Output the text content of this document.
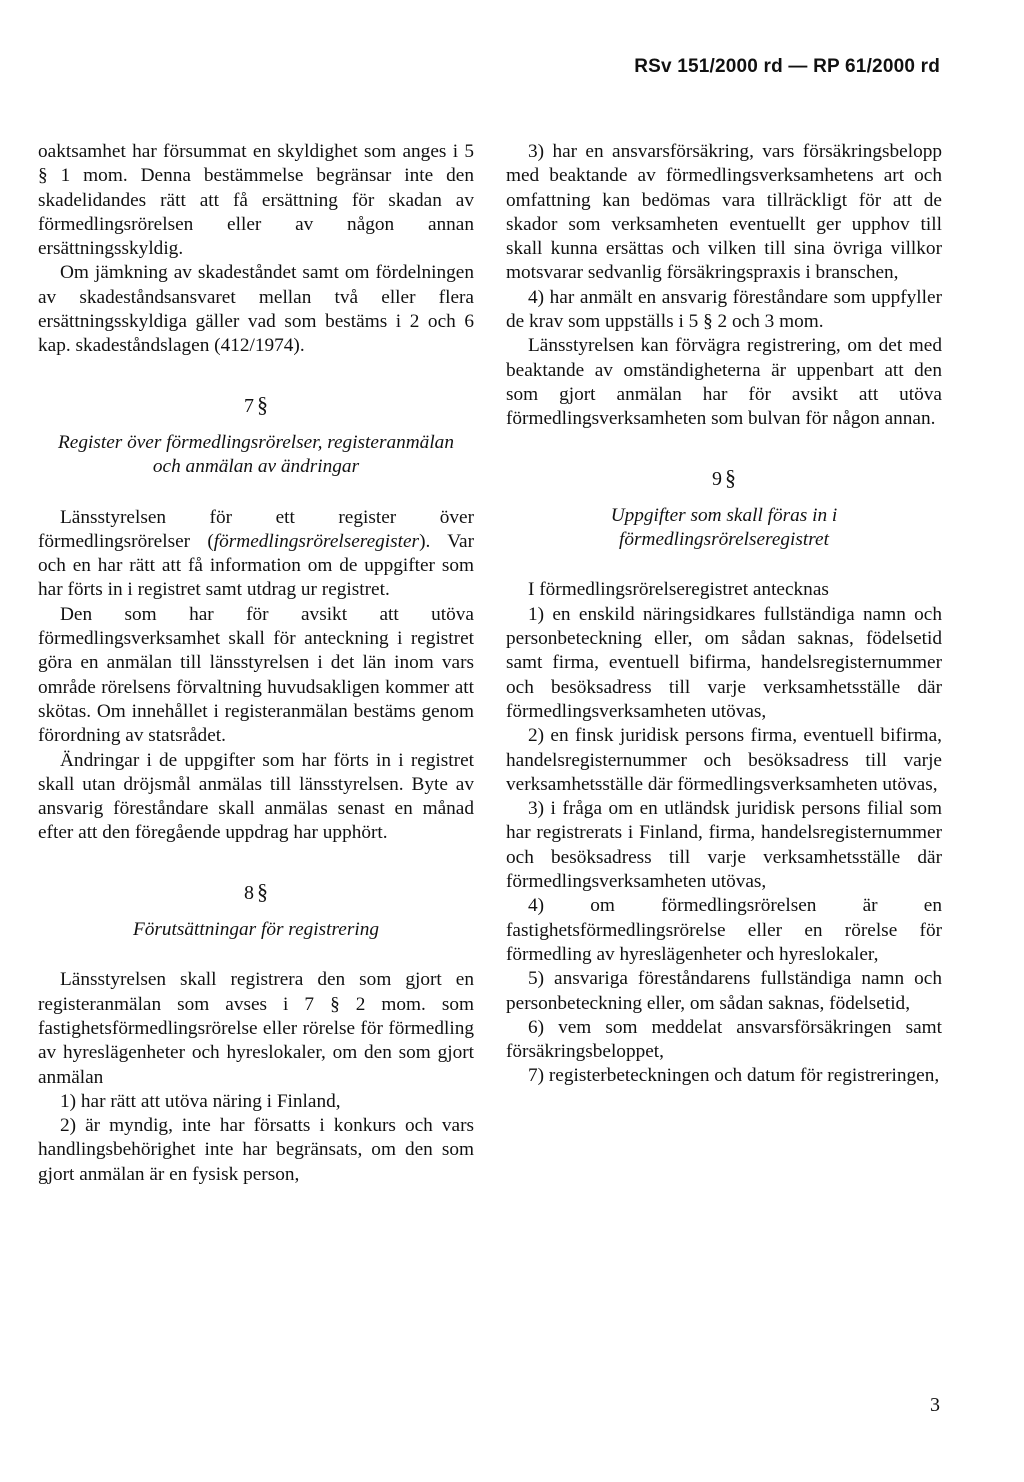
RSv 151/2000 rd — RP 61/2000 rd

oaktsamhet har försummat en skyldighet som anges i 5 § 1 mom. Denna bestämmelse begränsar inte den skadelidandes rätt att få ersättning för skadan av förmedlingsrörelsen eller av någon annan ersättningsskyldig.

Om jämkning av skadeståndet samt om fördelningen av skadeståndsansvaret mellan två eller flera ersättningsskyldiga gäller vad som bestäms i 2 och 6 kap. skadeståndslagen (412/1974).

7 §
Register över förmedlingsrörelser, registeranmälan och anmälan av ändringar

Länsstyrelsen för ett register över förmedlingsrörelser (förmedlingsrörelseregister). Var och en har rätt att få information om de uppgifter som har förts in i registret samt utdrag ur registret.

Den som har för avsikt att utöva förmedlingsverksamhet skall för anteckning i registret göra en anmälan till länsstyrelsen i det län inom vars område rörelsens förvaltning huvudsakligen kommer att skötas. Om innehållet i registeranmälan bestäms genom förordning av statsrådet.

Ändringar i de uppgifter som har förts in i registret skall utan dröjsmål anmälas till länsstyrelsen. Byte av ansvarig föreståndare skall anmälas senast en månad efter att den föregående uppdrag har upphört.

8 §
Förutsättningar för registrering

Länsstyrelsen skall registrera den som gjort en registeranmälan som avses i 7 § 2 mom. som fastighetsförmedlingsrörelse eller rörelse för förmedling av hyreslägenheter och hyreslokaler, om den som gjort anmälan

1) har rätt att utöva näring i Finland,

2) är myndig, inte har försatts i konkurs och vars handlingsbehörighet inte har begränsats, om den som gjort anmälan är en fysisk person,

3) har en ansvarsförsäkring, vars försäkringsbelopp med beaktande av förmedlingsverksamhetens art och omfattning kan bedömas vara tillräckligt för att de skador som verksamheten eventuellt ger upphov till skall kunna ersättas och vilken till sina övriga villkor motsvarar sedvanlig försäkringspraxis i branschen,

4) har anmält en ansvarig föreståndare som uppfyller de krav som uppställs i 5 § 2 och 3 mom.

Länsstyrelsen kan förvägra registrering, om det med beaktande av omständigheterna är uppenbart att den som gjort anmälan har för avsikt att utöva förmedlingsverksamheten som bulvan för någon annan.

9 §
Uppgifter som skall föras in i förmedlingsrörelseregistret

I förmedlingsrörelseregistret antecknas

1) en enskild näringsidkares fullständiga namn och personbeteckning eller, om sådan saknas, födelsetid samt firma, eventuell bifirma, handelsregisternummer och besöksadress till varje verksamhetsställe där förmedlingsverksamheten utövas,

2) en finsk juridisk persons firma, eventuell bifirma, handelsregisternummer och besöksadress till varje verksamhetsställe där förmedlingsverksamheten utövas,

3) i fråga om en utländsk juridisk persons filial som har registrerats i Finland, firma, handelsregisternummer och besöksadress till varje verksamhetsställe där förmedlingsverksamheten utövas,

4) om förmedlingsrörelsen är en fastighetsförmedlingsrörelse eller en rörelse för förmedling av hyreslägenheter och hyreslokaler,

5) ansvariga föreståndarens fullständiga namn och personbeteckning eller, om sådan saknas, födelsetid,

6) vem som meddelat ansvarsförsäkringen samt försäkringsbeloppet,

7) registerbeteckningen och datum för registreringen,

3
